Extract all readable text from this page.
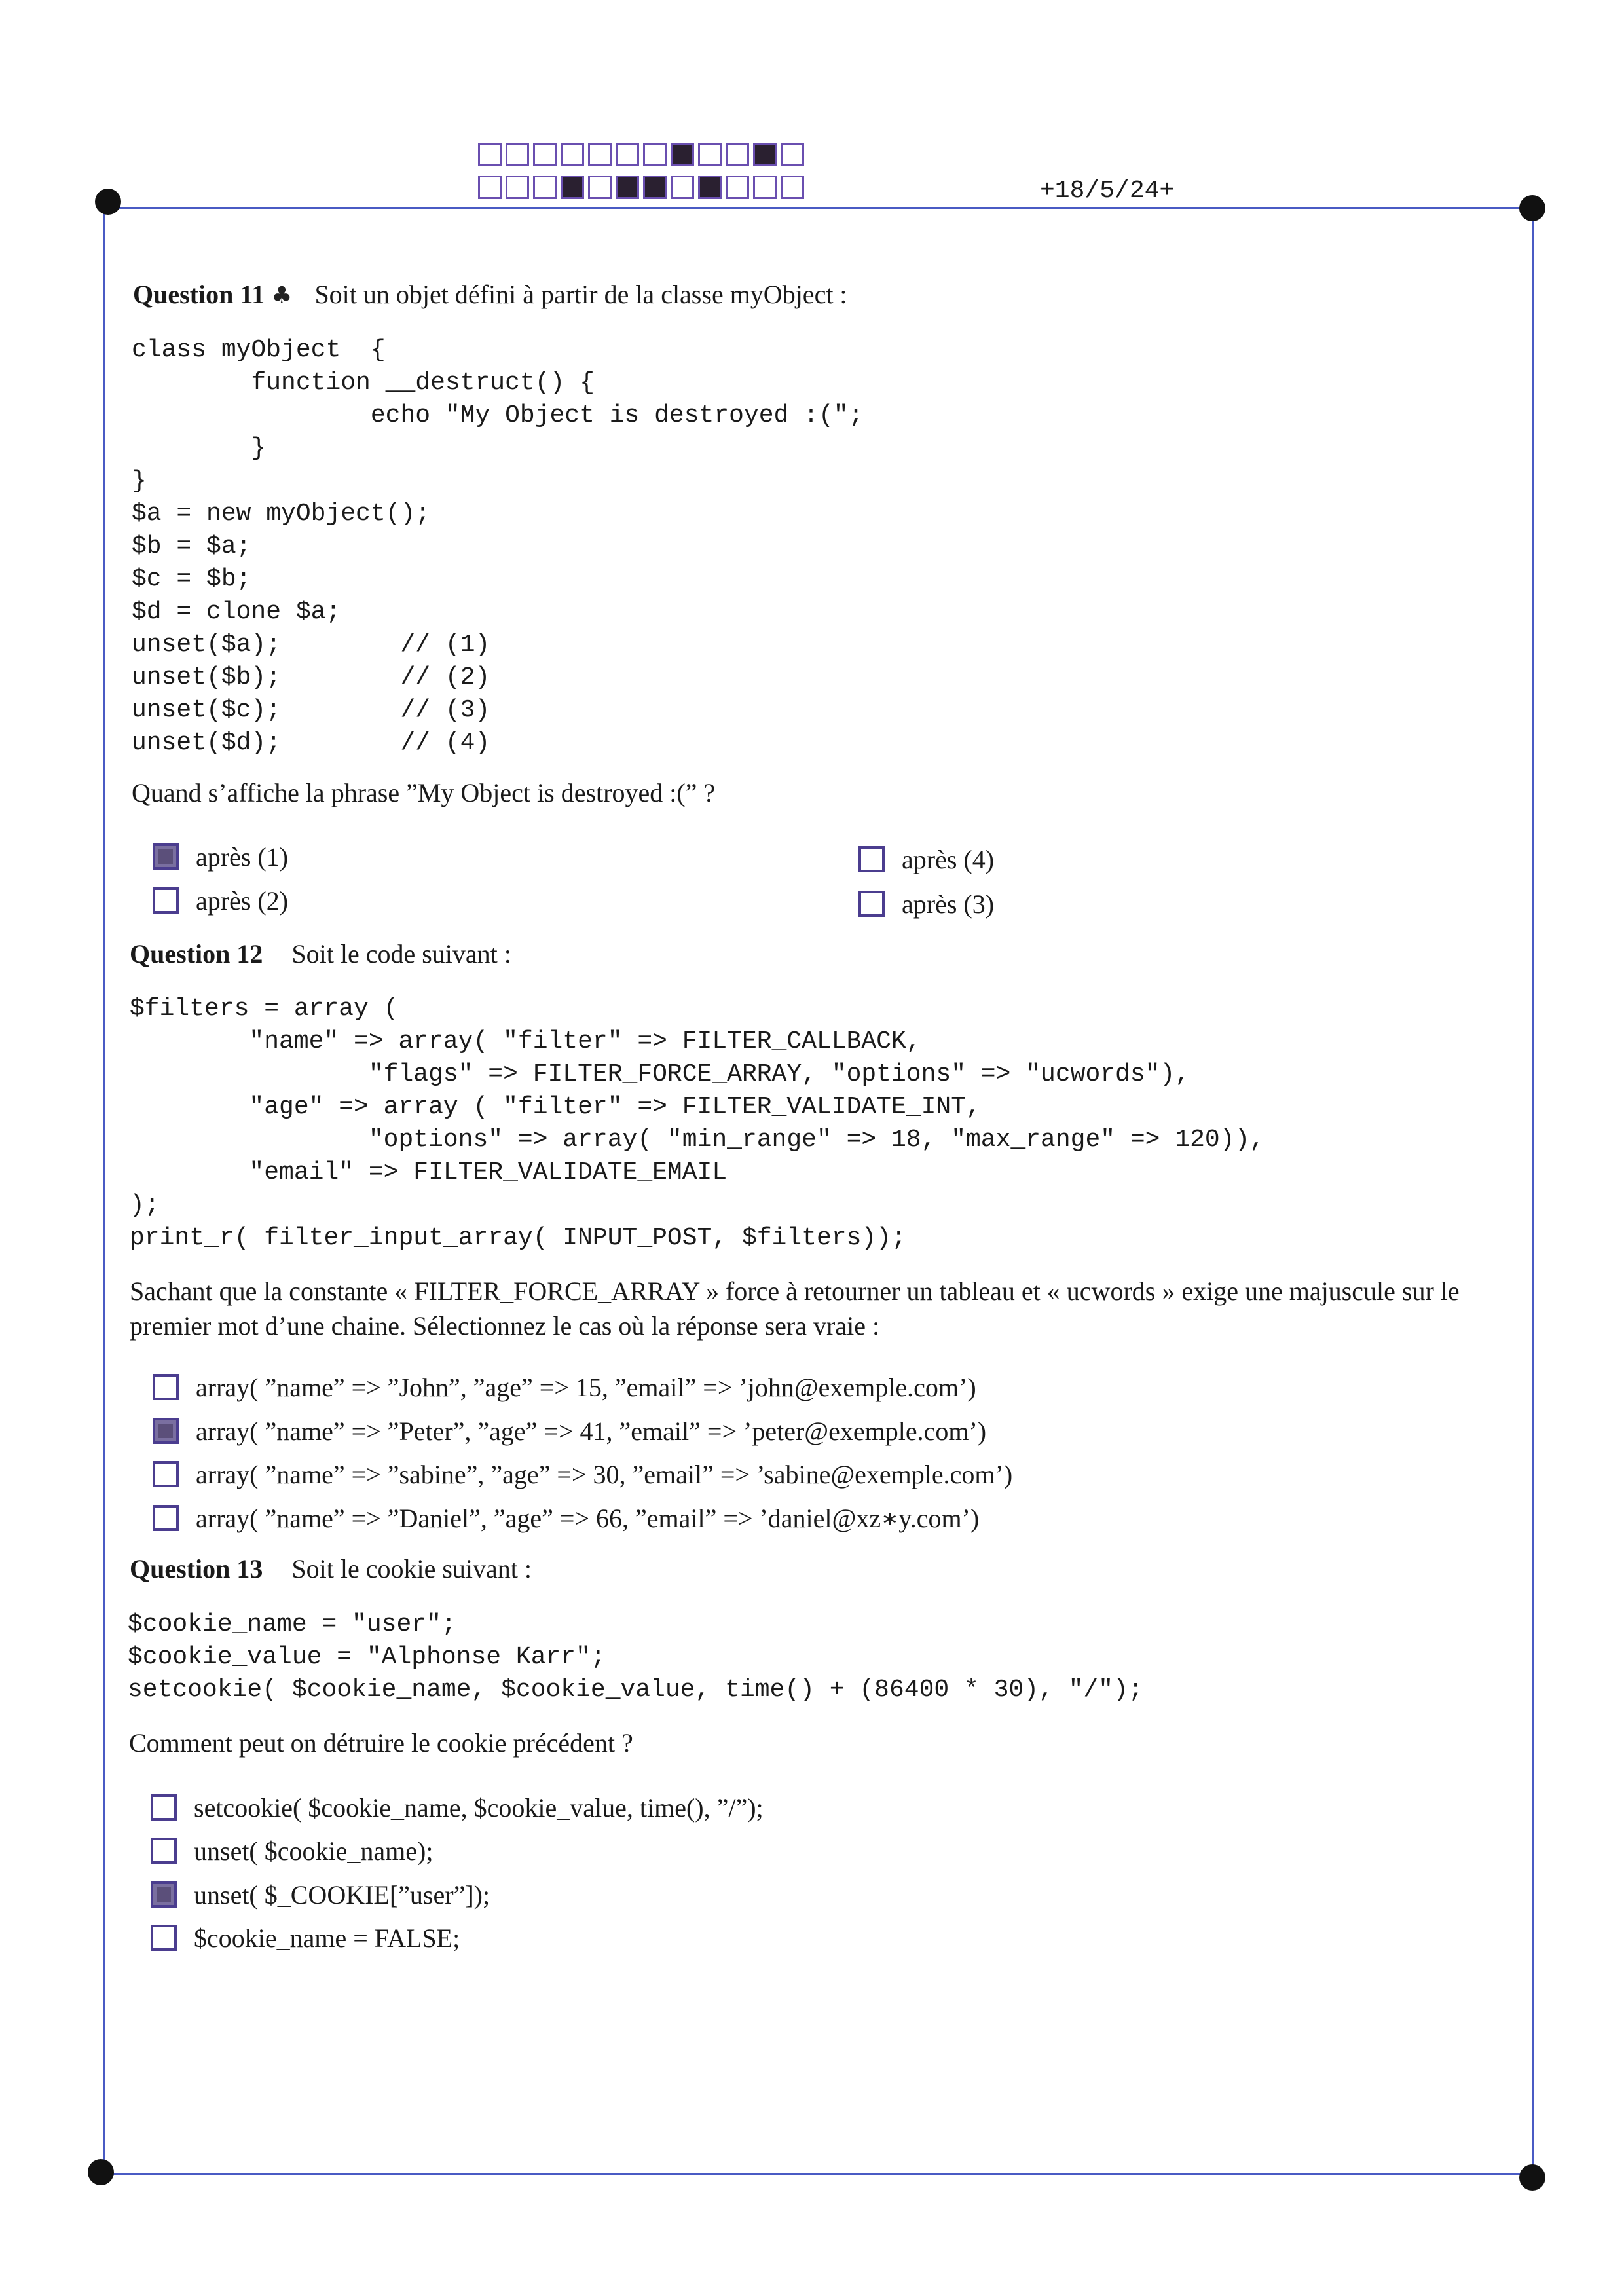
+18/5/24+
Question 11 ♣ Soit un objet défini à partir de la classe myObject :
class myObject  {
function __destruct() {
echo "My Object is destroyed :(";
}
}
$a = new myObject();
$b = $a;
$c = $b;
$d = clone $a;
unset($a);        // (1)
unset($b);        // (2)
unset($c);        // (3)
unset($d);        // (4)
Quand s’affiche la phrase ”My Object is destroyed :(” ?
après (1)
après (2)
après (4)
après (3)
Question 12 Soit le code suivant :
$filters = array (
"name" => array( "filter" => FILTER_CALLBACK,
"flags" => FILTER_FORCE_ARRAY, "options" => "ucwords"),
"age" => array ( "filter" => FILTER_VALIDATE_INT,
"options" => array( "min_range" => 18, "max_range" => 120)),
"email" => FILTER_VALIDATE_EMAIL
);
print_r( filter_input_array( INPUT_POST, $filters));
Sachant que la constante « FILTER_FORCE_ARRAY » force à retourner un tableau et « ucwords » exige une majuscule sur le
premier mot d’une chaine. Sélectionnez le cas où la réponse sera vraie :
array( ”name” => ”John”, ”age” => 15, ”email” => ’john@exemple.com’)
array( ”name” => ”Peter”, ”age” => 41, ”email” => ’peter@exemple.com’)
array( ”name” => ”sabine”, ”age” => 30, ”email” => ’sabine@exemple.com’)
array( ”name” => ”Daniel”, ”age” => 66, ”email” => ’daniel@xz∗y.com’)
Question 13 Soit le cookie suivant :
$cookie_name = "user";
$cookie_value = "Alphonse Karr";
setcookie( $cookie_name, $cookie_value, time() + (86400 * 30), "/");
Comment peut on détruire le cookie précédent ?
setcookie( $cookie_name, $cookie_value, time(), ”/”);
unset( $cookie_name);
unset( $_COOKIE[”user”]);
$cookie_name = FALSE;
